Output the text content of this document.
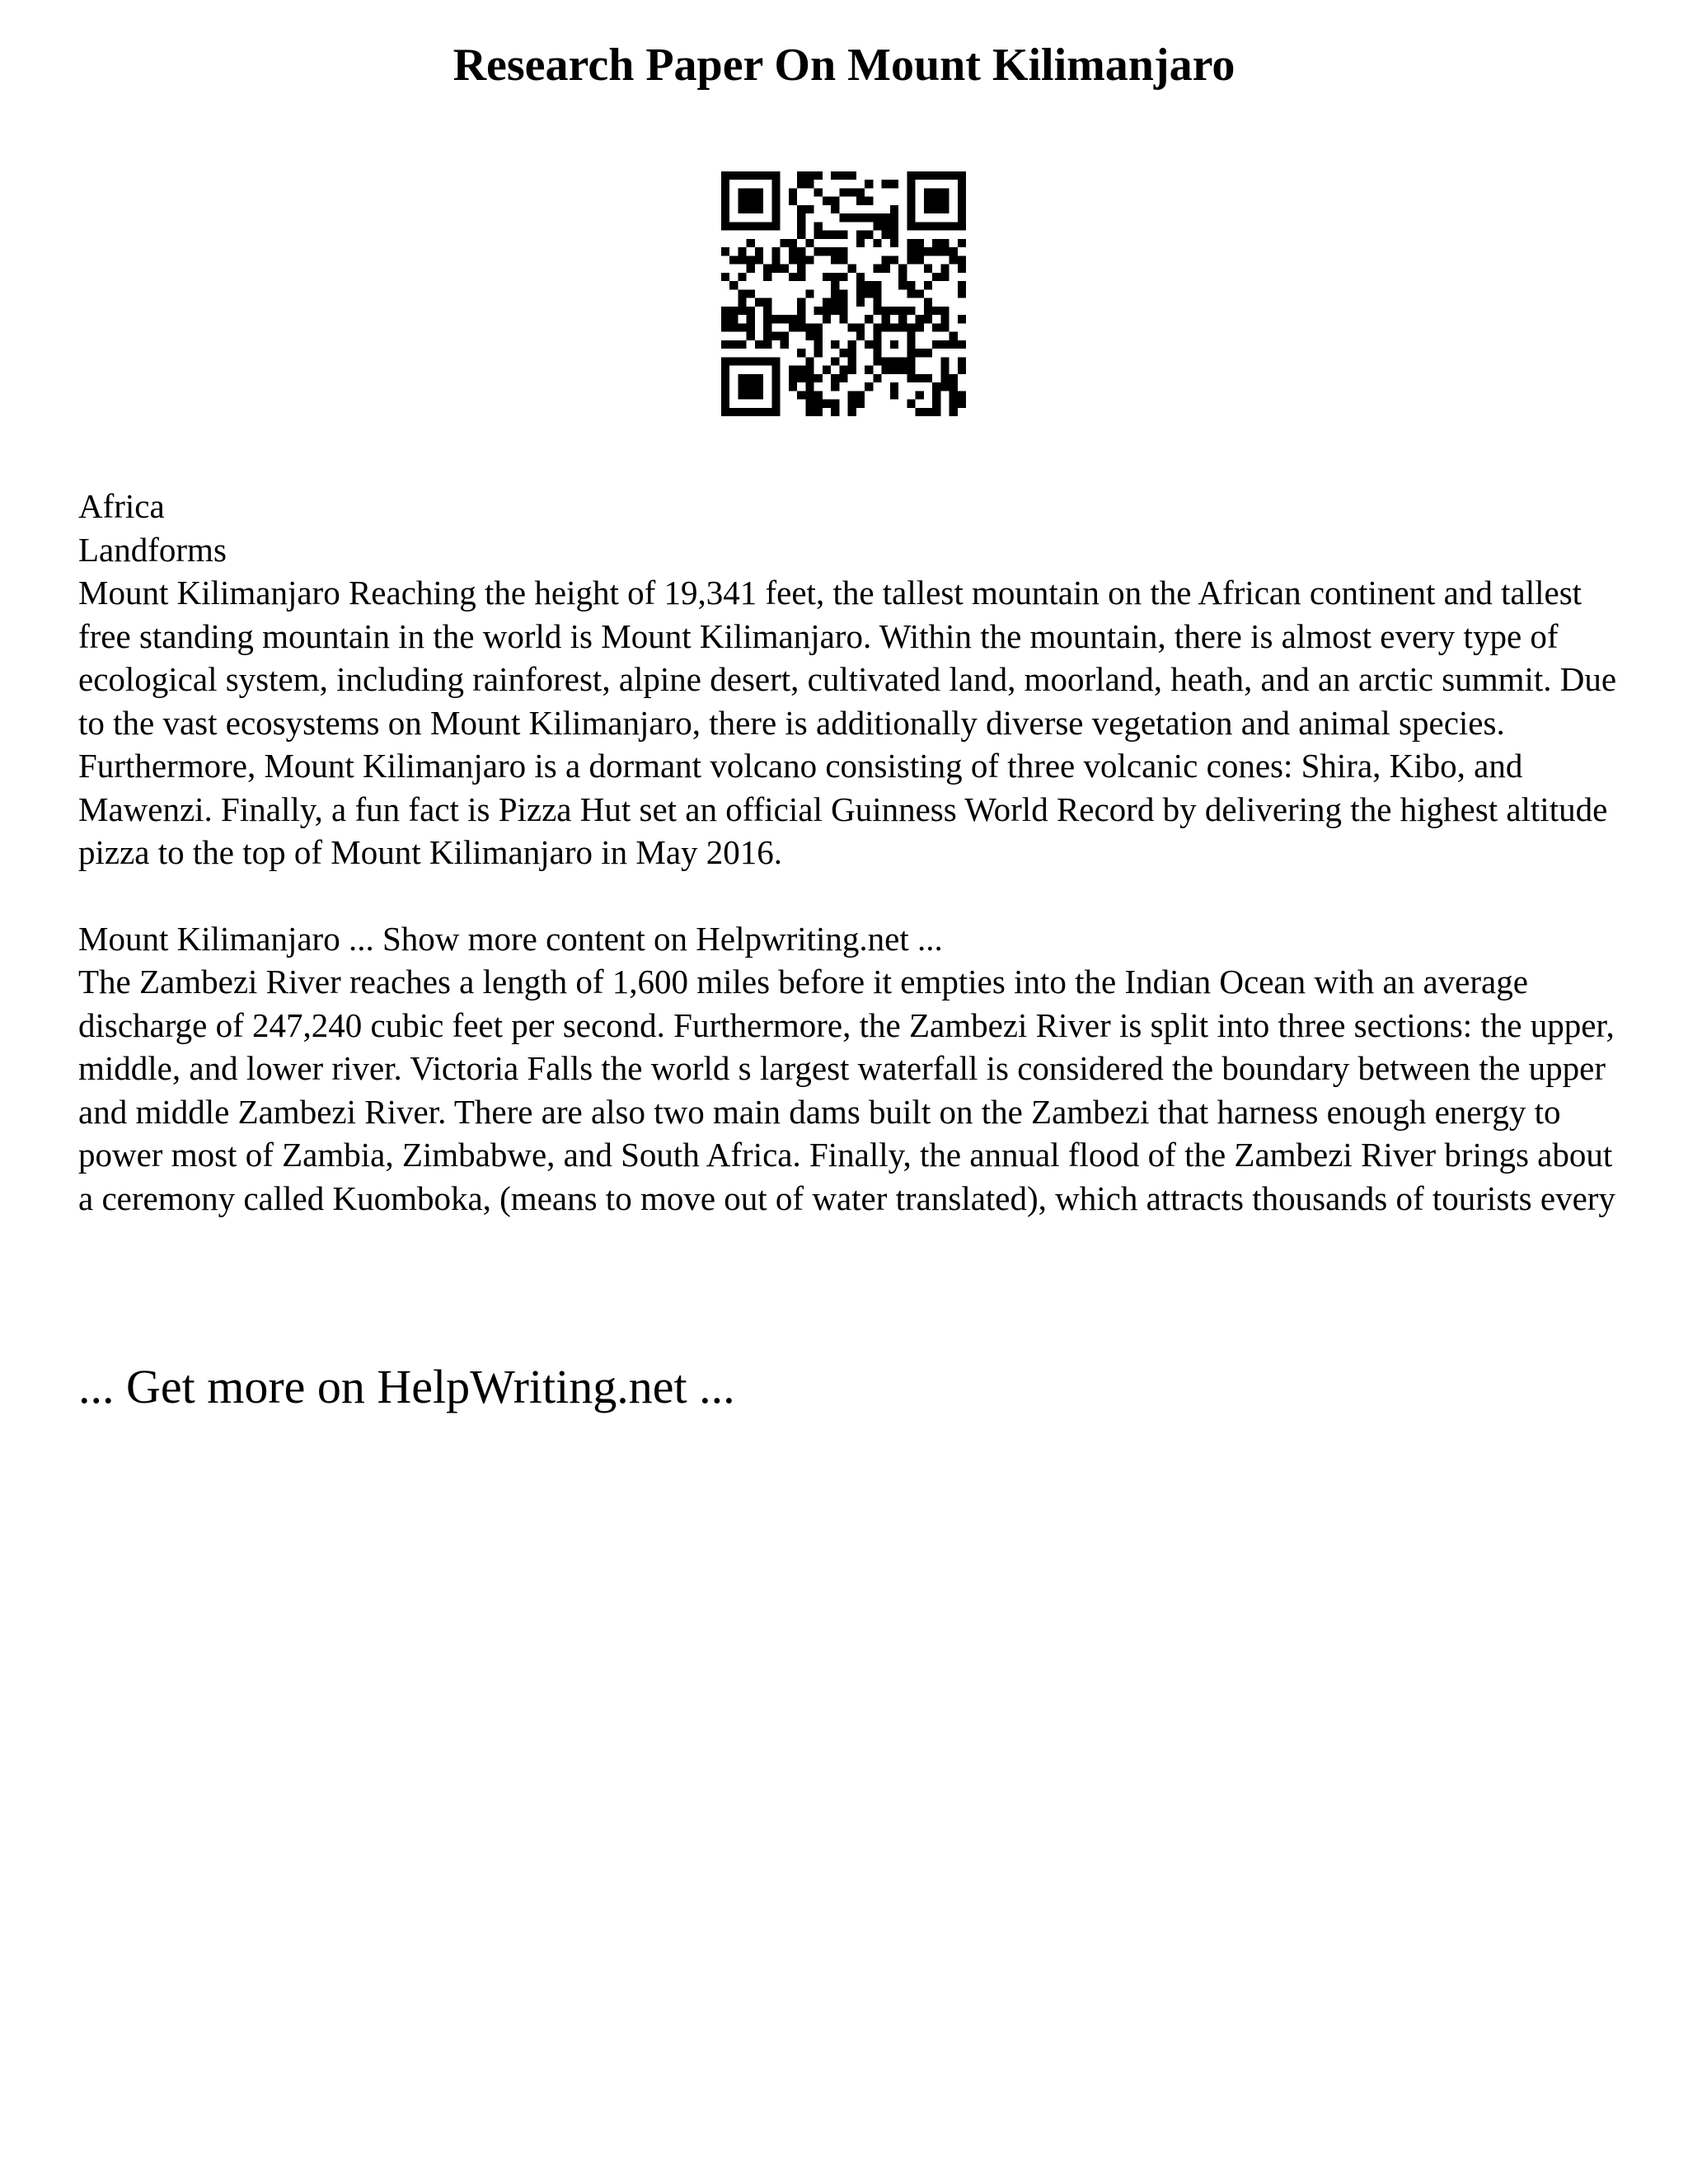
Research Paper On Mount Kilimanjaro

Africa

Landforms

Mount Kilimanjaro Reaching the height of 19,341 feet, the tallest mountain on the African continent and tallest free standing mountain in the world is Mount Kilimanjaro. Within the mountain, there is almost every type of ecological system, including rainforest, alpine desert, cultivated land, moorland, heath, and an arctic summit. Due to the vast ecosystems on Mount Kilimanjaro, there is additionally diverse vegetation and animal species. Furthermore, Mount Kilimanjaro is a dormant volcano consisting of three volcanic cones: Shira, Kibo, and Mawenzi. Finally, a fun fact is Pizza Hut set an official Guinness World Record by delivering the highest altitude pizza to the top of Mount Kilimanjaro in May 2016.

Mount Kilimanjaro ... Show more content on Helpwriting.net ...

The Zambezi River reaches a length of 1,600 miles before it empties into the Indian Ocean with an average discharge of 247,240 cubic feet per second. Furthermore, the Zambezi River is split into three sections: the upper, middle, and lower river. Victoria Falls the world s largest waterfall is considered the boundary between the upper and middle Zambezi River. There are also two main dams built on the Zambezi that harness enough energy to power most of Zambia, Zimbabwe, and South Africa. Finally, the annual flood of the Zambezi River brings about a ceremony called Kuomboka, (means to move out of water translated), which attracts thousands of tourists every

... Get more on HelpWriting.net ...
